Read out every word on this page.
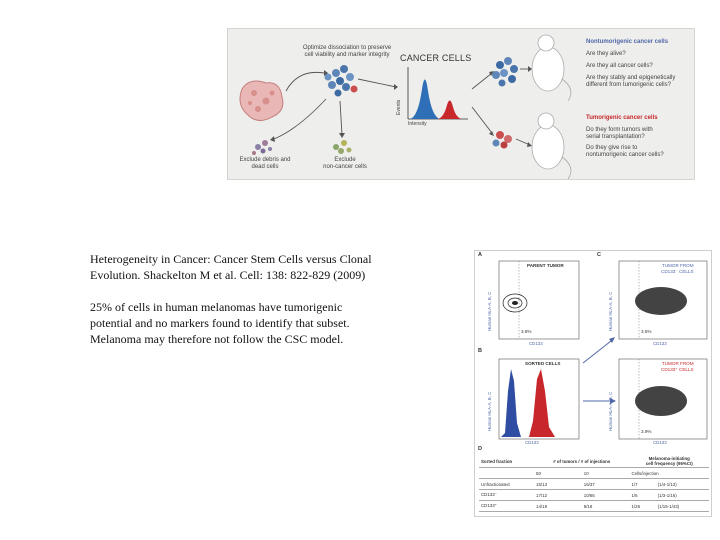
Optimize dissociation to preserve
cell viability and marker integrity	CANCER CELLS
Events
Intensity
Exclude debris and
dead cells
Exclude
non-cancer cells
Nontumorigenic cancer cells
Are they alive?
Are they all cancer cells?
Are they stably and epigenetically
different from tumorigenic cells?
Tumorigenic cancer cells
Do they form tumors with
serial transplantation?
Do they give rise to
nontumorigenic cancer cells?
Heterogeneity in Cancer: Cancer Stem Cells versus Clonal
Evolution. Shackelton M et al. Cell: 138: 822-829 (2009)
25% of cells in human melanomas have tumorigenic
potential and no markers found to identify that subset.
Melanoma may therefore not follow the CSC model.
A
B
C
D
PARENT TUMOR
SORTED CELLS
TUMOR FROM
CD133⁻ CELLS
TUMOR FROM
CD133⁺ CELLS
3.8%	3.5%
3.9%
Human HLA-A, B, C
Human HLA-A, B, C
Human HLA-A, B, C
Human HLA-A, B, C
CD133
CD133
CD133
CD133
Sorted fraction	# of tumors / # of injections		Melanoma-initiating
cell frequency (95%CI)	
	50	10	Cells/injection	
Unfractionated	15/13	16/37	1/7	(1/4-1/13)
CD133⁻	17/12	10/65	1/6	(1/3-1/16)
CD133⁺	14/18	9/18	1/26	(1/15-1/43)
